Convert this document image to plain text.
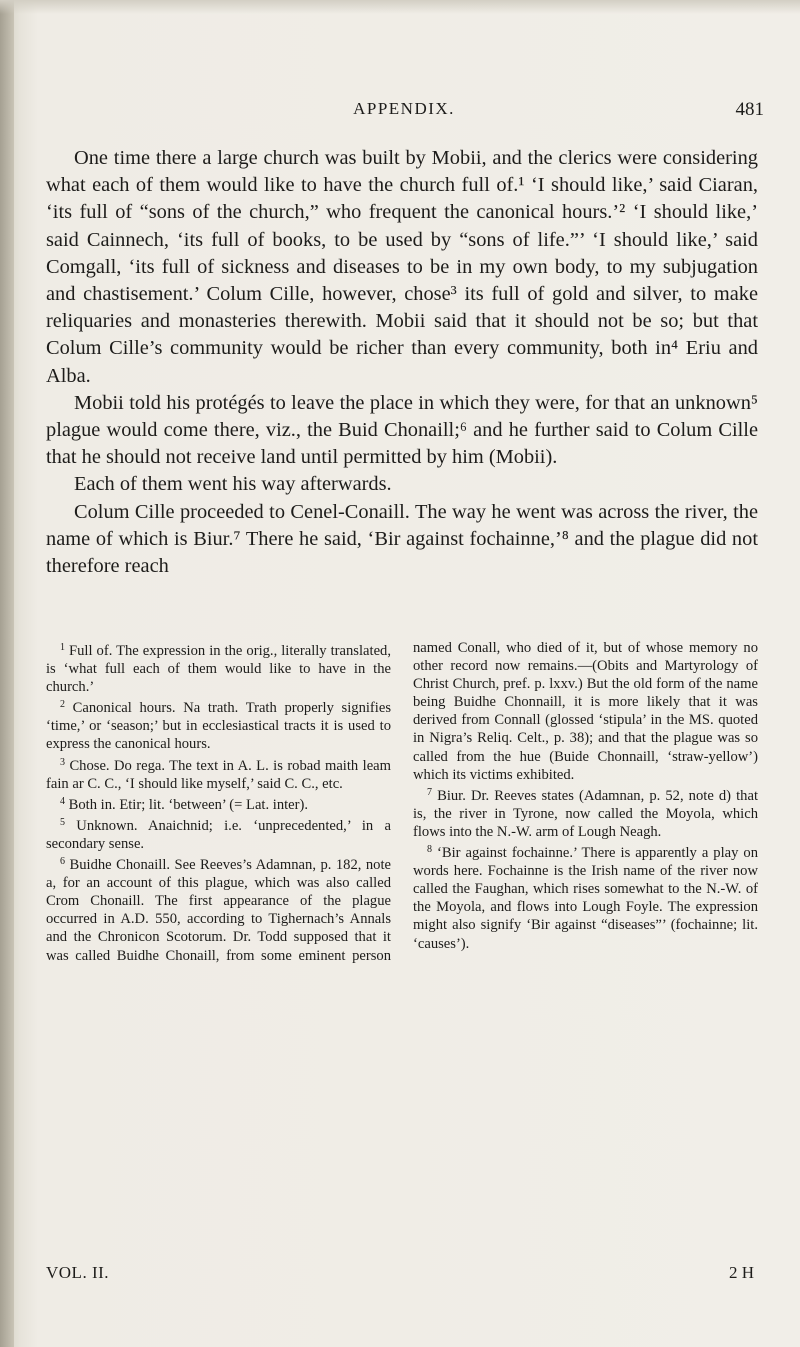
APPENDIX.	481

One time there a large church was built by Mobii, and the clerics were considering what each of them would like to have the church full of.¹ ‘I should like,’ said Ciaran, ‘its full of “sons of the church,” who frequent the canonical hours.’² ‘I should like,’ said Cainnech, ‘its full of books, to be used by “sons of life.”’ ‘I should like,’ said Comgall, ‘its full of sickness and diseases to be in my own body, to my subjugation and chastisement.’ Colum Cille, however, chose³ its full of gold and silver, to make reliquaries and monasteries therewith. Mobii said that it should not be so; but that Colum Cille’s community would be richer than every community, both in⁴ Eriu and Alba.

Mobii told his protégés to leave the place in which they were, for that an unknown⁵ plague would come there, viz., the Buid Chonaill;⁶ and he further said to Colum Cille that he should not receive land until permitted by him (Mobii).

Each of them went his way afterwards.

Colum Cille proceeded to Cenel-Conaill. The way he went was across the river, the name of which is Biur.⁷ There he said, ‘Bir against fochainne,’⁸ and the plague did not therefore reach

$^1$ Full of. The expression in the orig., literally translated, is ‘what full each of them would like to have in the church.’

$^2$ Canonical hours. Na trath. Trath properly signifies ‘time,’ or ‘season;’ but in ecclesiastical tracts it is used to express the canonical hours.

$^3$ Chose. Do rega. The text in A. L. is robad maith leam fain ar C. C., ‘I should like myself,’ said C. C., etc.

$^4$ Both in. Etir; lit. ‘between’ (= Lat. inter).

$^5$ Unknown. Anaichnid; i.e. ‘unprecedented,’ in a secondary sense.

$^6$ Buidhe Chonaill. See Reeves’s Adamnan, p. 182, note a, for an account of this plague, which was also called Crom Chonaill. The first appearance of the plague occurred in A.D. 550, according to Tighernach’s Annals and the Chronicon Scotorum. Dr. Todd supposed that it was called Buidhe Chonaill, from some eminent person named Conall, who died of it, but of whose memory no other record now remains.—(Obits and Martyrology of Christ Church, pref. p. lxxv.) But the old form of the name being Buidhe Chonnaill, it is more likely that it was derived from Connall (glossed ‘stipula’ in the MS. quoted in Nigra’s Reliq. Celt., p. 38); and that the plague was so called from the hue (Buide Chonnaill, ‘straw-yellow’) which its victims exhibited.

$^7$ Biur. Dr. Reeves states (Adamnan, p. 52, note d) that is, the river in Tyrone, now called the Moyola, which flows into the N.-W. arm of Lough Neagh.

$^8$ ‘Bir against fochainne.’ There is apparently a play on words here. Fochainne is the Irish name of the river now called the Faughan, which rises somewhat to the N.-W. of the Moyola, and flows into Lough Foyle. The expression might also signify ‘Bir against “diseases”’ (fochainne; lit. ‘causes’).

VOL. II.	2 H
